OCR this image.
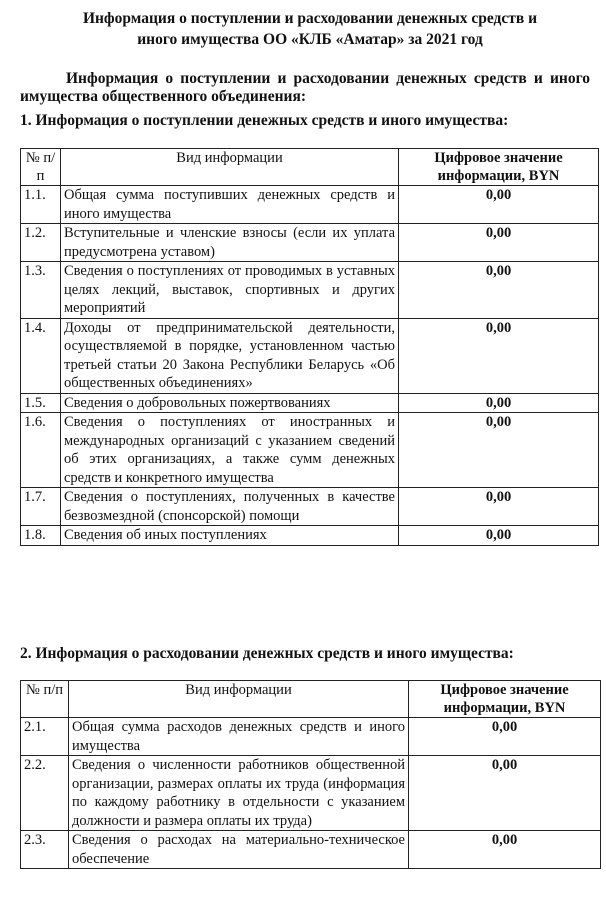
Информация о поступлении и расходовании денежных средств и
иного имущества ОО «КЛБ «Аматар» за 2021 год
Информация о поступлении и расходовании денежных средств и иного имущества общественного объединения:
1. Информация о поступлении денежных средств и иного имущества:
№ п/п	Вид информации	Цифровое значение информации, BYN
1.1.	Общая сумма поступивших денежных средств и иного имущества	0,00
1.2.	Вступительные и членские взносы (если их уплата предусмотрена уставом)	0,00
1.3.	Сведения о поступлениях от проводимых в уставных целях лекций, выставок, спортивных и других мероприятий	0,00
1.4.	Доходы от предпринимательской деятельности, осуществляемой в порядке, установленном частью третьей статьи 20 Закона Республики Беларусь «Об общественных объединениях»	0,00
1.5.	Сведения о добровольных пожертвованиях	0,00
1.6.	Сведения о поступлениях от иностранных и международных организаций с указанием сведений об этих организациях, а также сумм денежных средств и конкретного имущества	0,00
1.7.	Сведения о поступлениях, полученных в качестве безвозмездной (спонсорской) помощи	0,00
1.8.	Сведения об иных поступлениях	0,00
2. Информация о расходовании денежных средств и иного имущества:
№ п/п	Вид информации	Цифровое значение информации, BYN
2.1.	Общая сумма расходов денежных средств и иного имущества	0,00
2.2.	Сведения о численности работников общественной организации, размерах оплаты их труда (информация по каждому работнику в отдельности с указанием должности и размера оплаты их труда)	0,00
2.3.	Сведения о расходах на материально-техническое обеспечение	0,00
